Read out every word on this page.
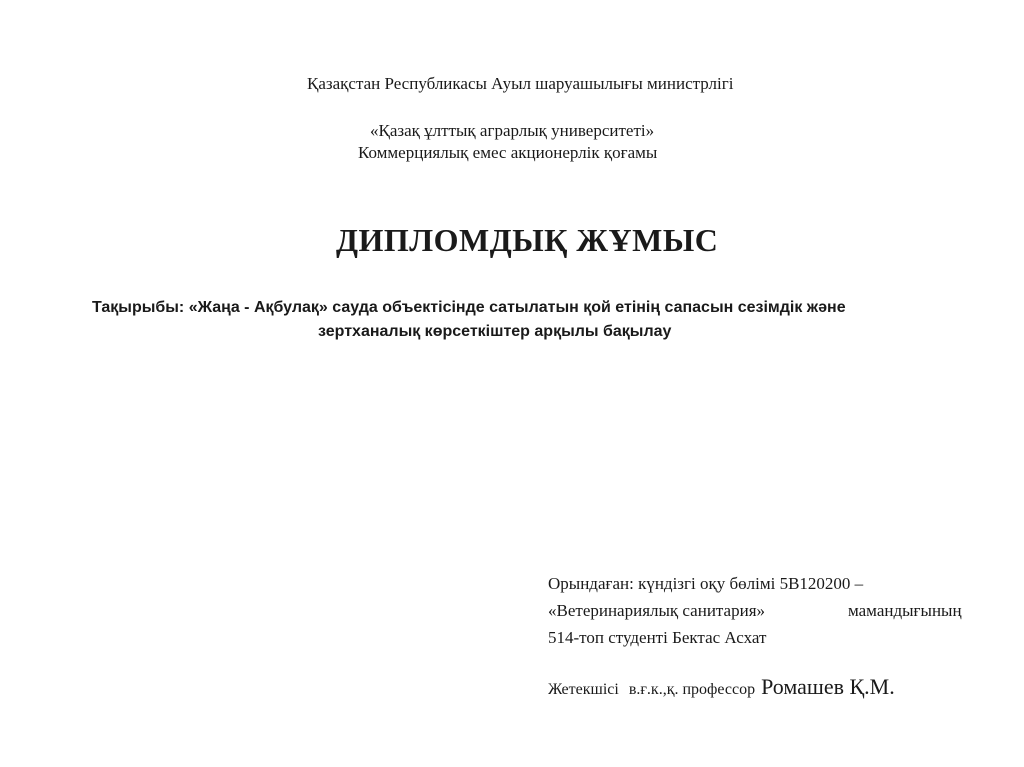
Қазақстан Республикасы Ауыл шаруашылығы министрлігі
«Қазақ ұлттық аграрлық университеті»
Коммерциялық емес акционерлік қоғамы
ДИПЛОМДЫҚ ЖҰМЫС
Тақырыбы: «Жаңа - Ақбулақ» сауда объектісінде сатылатын қой етінің сапасын сезімдік және
зертханалық көрсеткіштер арқылы бақылау
Орындаған: күндізгі оқу бөлімі 5В120200 –
«Ветеринариялық санитария»	мамандығының
514-топ студенті Бектас Асхат
Жетекшісі в.ғ.к.,қ. профессор Ромашев Қ.М.
